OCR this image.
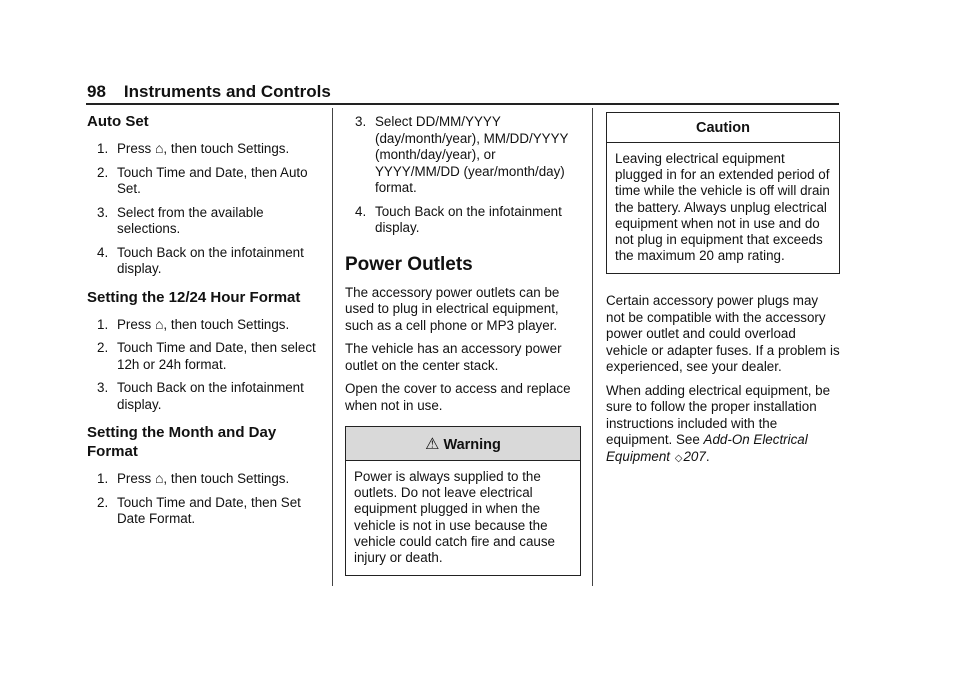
98 Instruments and Controls
Auto Set
1. Press ⌂, then touch Settings.
2. Touch Time and Date, then Auto Set.
3. Select from the available selections.
4. Touch Back on the infotainment display.
Setting the 12/24 Hour Format
1. Press ⌂, then touch Settings.
2. Touch Time and Date, then select 12h or 24h format.
3. Touch Back on the infotainment display.
Setting the Month and Day Format
1. Press ⌂, then touch Settings.
2. Touch Time and Date, then Set Date Format.
3. Select DD/MM/YYYY (day/month/year), MM/DD/YYYY (month/day/year), or YYYY/MM/DD (year/month/day) format.
4. Touch Back on the infotainment display.
Power Outlets

The accessory power outlets can be used to plug in electrical equipment, such as a cell phone or MP3 player.

The vehicle has an accessory power outlet on the center stack.

Open the cover to access and replace when not in use.

⚠ Warning

Power is always supplied to the outlets. Do not leave electrical equipment plugged in when the vehicle is not in use because the vehicle could catch fire and cause injury or death.

Caution

Leaving electrical equipment plugged in for an extended period of time while the vehicle is off will drain the battery. Always unplug electrical equipment when not in use and do not plug in equipment that exceeds the maximum 20 amp rating.

Certain accessory power plugs may not be compatible with the accessory power outlet and could overload vehicle or adapter fuses. If a problem is experienced, see your dealer.

When adding electrical equipment, be sure to follow the proper installation instructions included with the equipment. See Add-On Electrical Equipment ◇207.
